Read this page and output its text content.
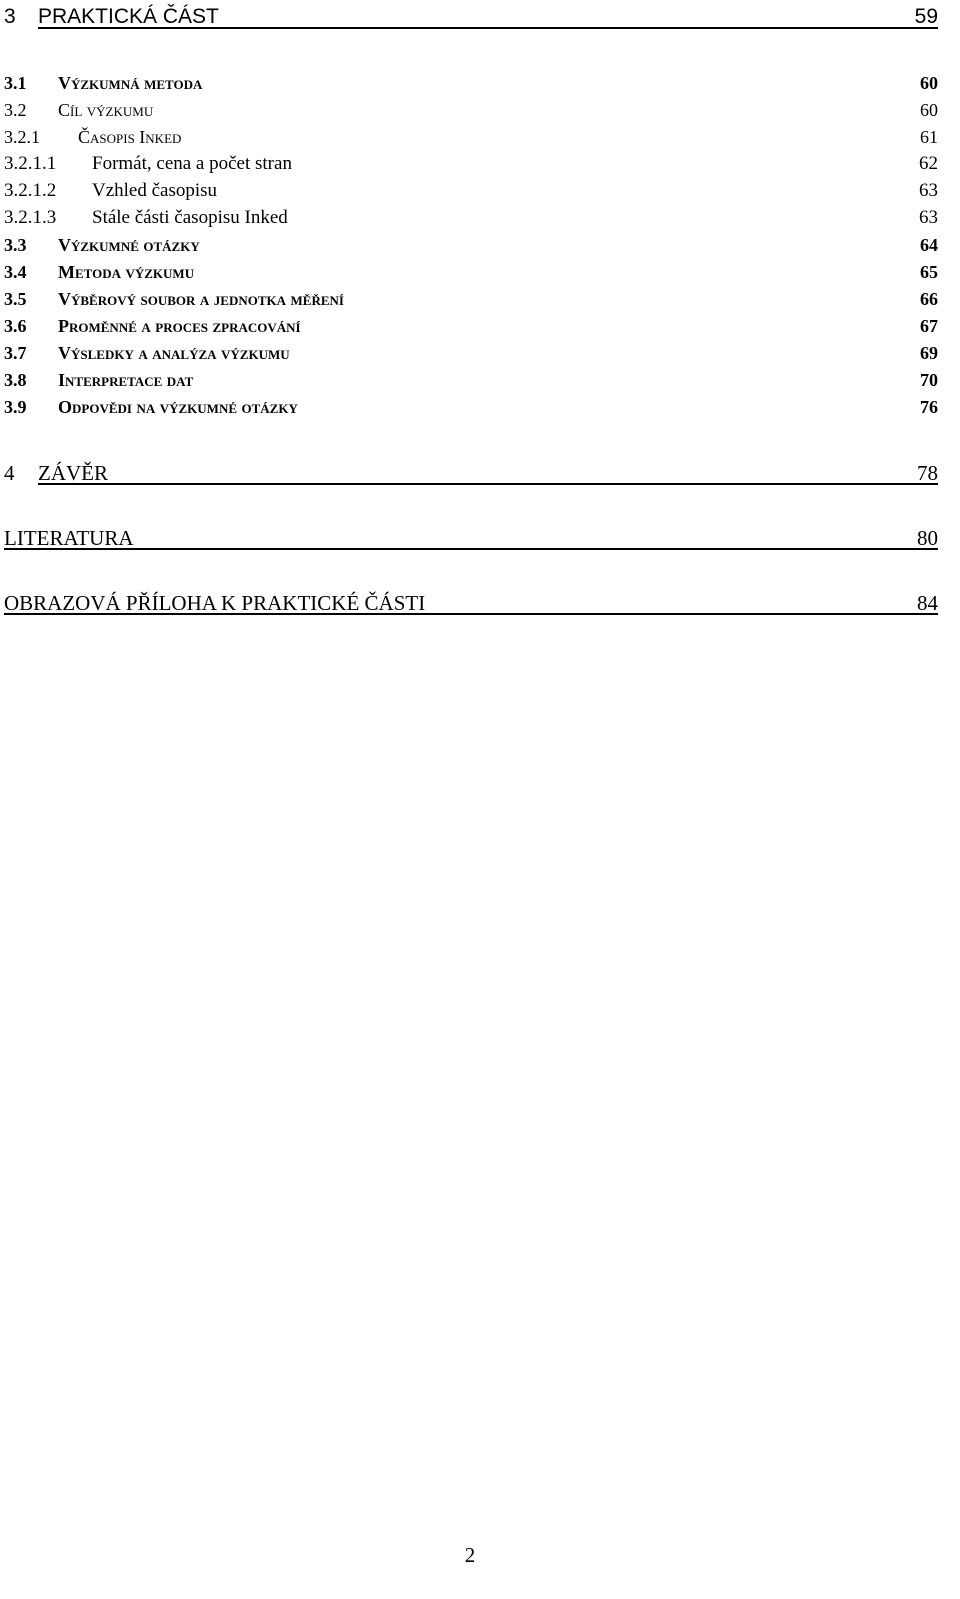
3 PRAKTICKÁ ČÁST	59
3.1 Výzkumná metoda	60
3.2 Cíl výzkumu	60
3.2.1 Časopis Inked	61
3.2.1.1 Formát, cena a počet stran	62
3.2.1.2 Vzhled časopisu	63
3.2.1.3 Stále části časopisu Inked	63
3.3 Výzkumné otázky	64
3.4 Metoda výzkumu	65
3.5 Výběrový soubor a jednotka měření	66
3.6 Proměnné a proces zpracování	67
3.7 Výsledky a analýza výzkumu	69
3.8 Interpretace dat	70
3.9 Odpovědi na výzkumné otázky	76
4 ZÁVĚR	78
LITERATURA	80
OBRAZOVÁ PŘÍLOHA K PRAKTICKÉ ČÁSTI	84
2
